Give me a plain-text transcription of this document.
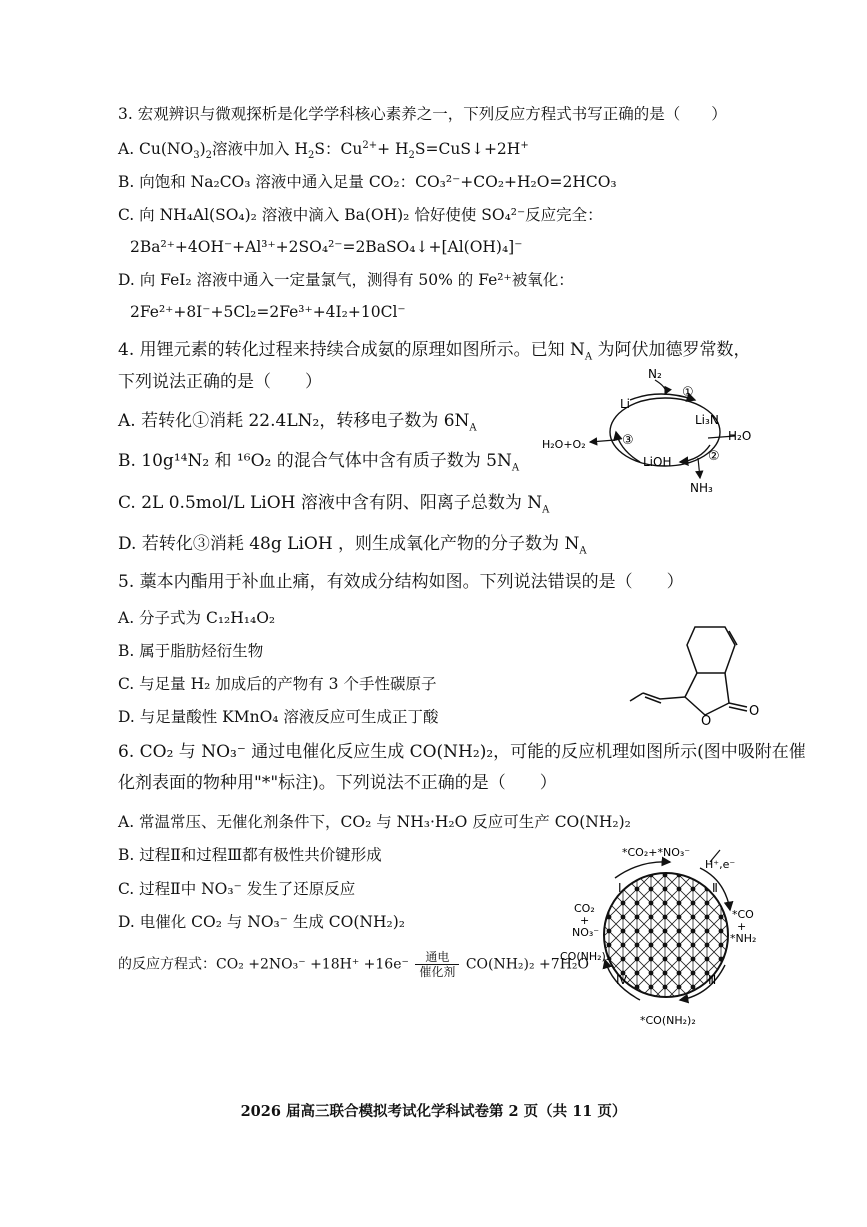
3. 宏观辨识与微观探析是化学学科核心素养之一，下列反应方程式书写正确的是（　　）
A. $Cu(NO_3)_2$溶液中加入 $H_2S$：$Cu^{2+}+$ $H_2S=CuS↓+2H^+$
B. 向饱和 Na₂CO₃ 溶液中通入足量 CO₂：CO₃²⁻+CO₂+H₂O=2HCO₃
C. 向 NH₄Al(SO₄)₂ 溶液中滴入 Ba(OH)₂ 恰好使使 SO₄²⁻反应完全：
2Ba²⁺+4OH⁻+Al³⁺+2SO₄²⁻=2BaSO₄↓+[Al(OH)₄]⁻
D. 向 FeI₂ 溶液中通入一定量氯气，测得有 50% 的 Fe²⁺被氧化：
2Fe²⁺+8I⁻+5Cl₂=2Fe³⁺+4I₂+10Cl⁻
4. 用锂元素的转化过程来持续合成氨的原理如图所示。已知 $N_A$ 为阿伏加德罗常数，
下列说法正确的是（　　）
A. 若转化①消耗 22.4LN₂，转移电子数为 $6N_A$
B. 10g¹⁴N₂ 和 ¹⁶O₂ 的混合气体中含有质子数为 $5N_A$
C. 2L 0.5mol/L LiOH 溶液中含有阴、阳离子总数为 $N_A$
D. 若转化③消耗 48g LiOH ，则生成氧化产物的分子数为 $N_A$
N₂
①
Li
Li₃N
H₂O
②
NH₃
LiOH
③
H₂O+O₂
5. 藁本内酯用于补血止痛，有效成分结构如图。下列说法错误的是（　　）
A. 分子式为 C₁₂H₁₄O₂
B. 属于脂肪烃衍生物
C. 与足量 H₂ 加成后的产物有 3 个手性碳原子
D. 与足量酸性 KMnO₄ 溶液反应可生成正丁酸	O
O
6. CO₂ 与 NO₃⁻ 通过电催化反应生成 CO(NH₂)₂，可能的反应机理如图所示(图中吸附在催
化剂表面的物种用"*"标注)。下列说法不正确的是（　　）
A. 常温常压、无催化剂条件下，CO₂ 与 NH₃·H₂O 反应可生产 CO(NH₂)₂
B. 过程Ⅱ和过程Ⅲ都有极性共价键形成
C. 过程Ⅱ中 NO₃⁻ 发生了还原反应
D. 电催化 CO₂ 与 NO₃⁻ 生成 CO(NH₂)₂
的反应方程式：$CO_2 +2NO_3^- +18H^+ +16e^- \frac{\text{通电}}{\text{催化剂}} CO(NH_2)_2 +7H_2O$
*CO₂+*NO₃⁻
H⁺,e⁻
Ⅰ	Ⅱ
Ⅲ
Ⅳ
CO₂
+
NO₃⁻
*CO
+
*NH₂
CO(NH₂)₂
*CO(NH₂)₂
2026 届高三联合模拟考试化学科试卷第 2 页（共 11 页）
